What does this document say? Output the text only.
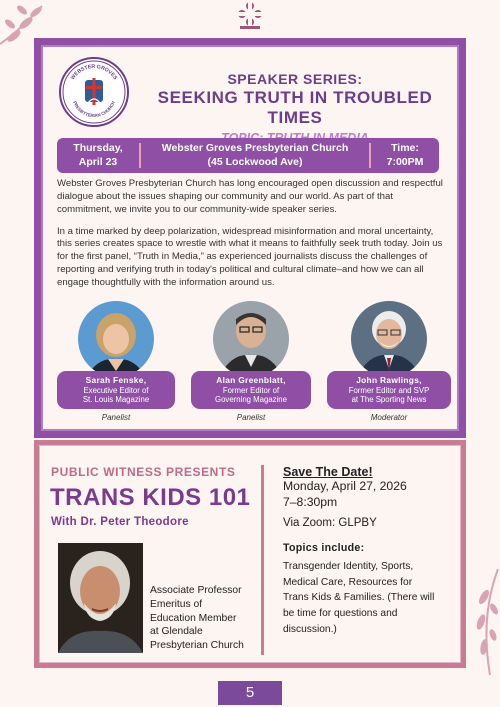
WEBSTER GROVES
PRESBYTERIAN CHURCH
SPEAKER SERIES:
SEEKING TRUTH IN TROUBLED TIMES
Thursday,
April 23
Webster Groves Presbyterian Church
(45 Lockwood Ave)
Time:
7:00PM

Webster Groves Presbyterian Church has long encouraged open discussion and respectful dialogue about the issues shaping our community and our world. As part of that commitment, we invite you to our community-wide speaker series.

In a time marked by deep polarization, widespread misinformation and moral uncertainty, this series creates space to wrestle with what it means to faithfully seek truth today. Join us for the first panel, “Truth in Media,” as experienced journalists discuss the challenges of reporting and verifying truth in today's political and cultural climate–and how we can all engage thoughtfully with the information around us.

Sarah Fenske,
Executive Editor of
St. Louis Magazine
Panelist
Alan Greenblatt,
Former Editor of
Governing Magazine
Panelist
John Rawlings,
Former Editor and SVP
at The Sporting News
Moderator
PUBLIC WITNESS PRESENTS
TRANS KIDS 101
With Dr. Peter Theodore
Associate Professor
Emeritus of
Education Member
at Glendale
Presbyterian Church
Save The Date!
Monday, April 27, 2026
7–8:30pm
Via Zoom: GLPBY
Topics include:
Transgender Identity, Sports,
Medical Care, Resources for
Trans Kids & Families. (There will
be time for questions and
discussion.)
5
